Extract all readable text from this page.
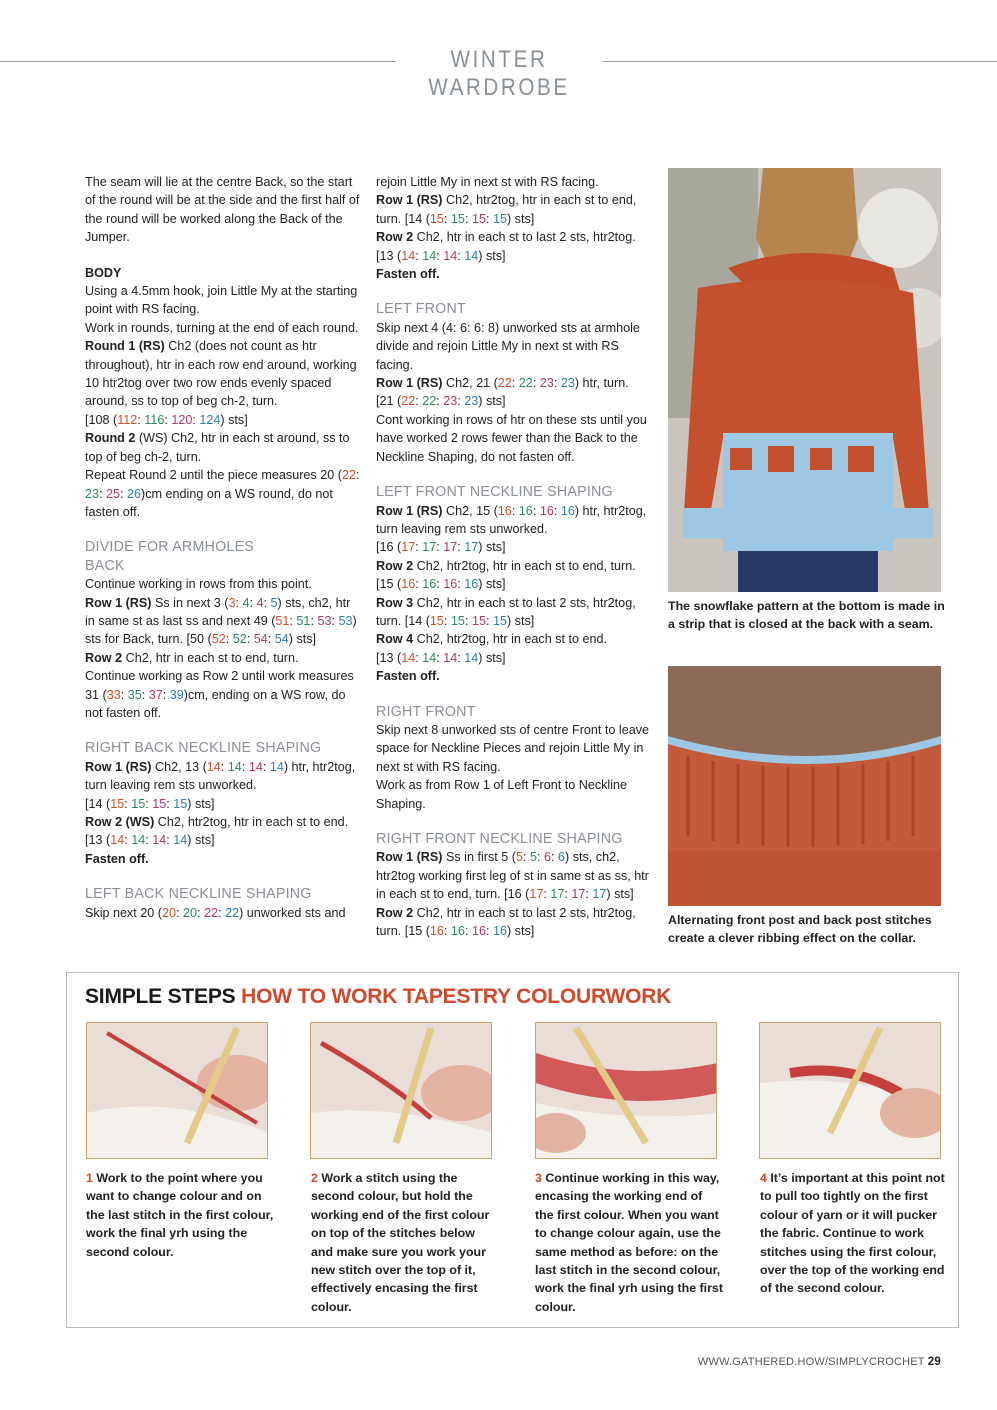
WINTER WARDROBE

The seam will lie at the centre Back, so the start of the round will be at the side and the first half of the round will be worked along the Back of the Jumper.

BODY

Using a 4.5mm hook, join Little My at the starting point with RS facing.

Work in rounds, turning at the end of each round.

Round 1 (RS) Ch2 (does not count as htr throughout), htr in each row end around, working 10 htr2tog over two row ends evenly spaced around, ss to top of beg ch-2, turn.
[108 (112: 116: 120: 124) sts]

Round 2 (WS) Ch2, htr in each st around, ss to top of beg ch-2, turn.

Repeat Round 2 until the piece measures 20 (22: 23: 25: 26)cm ending on a WS round, do not fasten off.

DIVIDE FOR ARMHOLES

BACK

Continue working in rows from this point.

Row 1 (RS) Ss in next 3 (3: 4: 4: 5) sts, ch2, htr in same st as last ss and next 49 (51: 51: 53: 53) sts for Back, turn. [50 (52: 52: 54: 54) sts]

Row 2 Ch2, htr in each st to end, turn.

Continue working as Row 2 until work measures 31 (33: 35: 37: 39)cm, ending on a WS row, do not fasten off.

RIGHT BACK NECKLINE SHAPING

Row 1 (RS) Ch2, 13 (14: 14: 14: 14) htr, htr2tog, turn leaving rem sts unworked.
[14 (15: 15: 15: 15) sts]

Row 2 (WS) Ch2, htr2tog, htr in each st to end.
[13 (14: 14: 14: 14) sts]

Fasten off.

LEFT BACK NECKLINE SHAPING

Skip next 20 (20: 20: 22: 22) unworked sts and

rejoin Little My in next st with RS facing.

Row 1 (RS) Ch2, htr2tog, htr in each st to end, turn. [14 (15: 15: 15: 15) sts]

Row 2 Ch2, htr in each st to last 2 sts, htr2tog. [13 (14: 14: 14: 14) sts]

Fasten off.

LEFT FRONT

Skip next 4 (4: 6: 6: 8) unworked sts at armhole divide and rejoin Little My in next st with RS facing.

Row 1 (RS) Ch2, 21 (22: 22: 23: 23) htr, turn.
[21 (22: 22: 23: 23) sts]

Cont working in rows of htr on these sts until you have worked 2 rows fewer than the Back to the Neckline Shaping, do not fasten off.

LEFT FRONT NECKLINE SHAPING

Row 1 (RS) Ch2, 15 (16: 16: 16: 16) htr, htr2tog, turn leaving rem sts unworked.
[16 (17: 17: 17: 17) sts]

Row 2 Ch2, htr2tog, htr in each st to end, turn.
[15 (16: 16: 16: 16) sts]

Row 3 Ch2, htr in each st to last 2 sts, htr2tog, turn. [14 (15: 15: 15: 15) sts]

Row 4 Ch2, htr2tog, htr in each st to end.
[13 (14: 14: 14: 14) sts]

Fasten off.

RIGHT FRONT

Skip next 8 unworked sts of centre Front to leave space for Neckline Pieces and rejoin Little My in next st with RS facing.

Work as from Row 1 of Left Front to Neckline Shaping.

RIGHT FRONT NECKLINE SHAPING

Row 1 (RS) Ss in first 5 (5: 5: 6: 6) sts, ch2, htr2tog working first leg of st in same st as ss, htr in each st to end, turn. [16 (17: 17: 17: 17) sts]

Row 2 Ch2, htr in each st to last 2 sts, htr2tog, turn. [15 (16: 16: 16: 16) sts]

The snowflake pattern at the bottom is made in a strip that is closed at the back with a seam.
Alternating front post and back post stitches create a clever ribbing effect on the collar.
SIMPLE STEPS HOW TO WORK TAPESTRY COLOURWORK
1 Work to the point where you want to change colour and on the last stitch in the first colour, work the final yrh using the second colour.
2 Work a stitch using the second colour, but hold the working end of the first colour on top of the stitches below and make sure you work your new stitch over the top of it, effectively encasing the first colour.
3 Continue working in this way, encasing the working end of the first colour. When you want to change colour again, use the same method as before: on the last stitch in the second colour, work the final yrh using the first colour.
4 It’s important at this point not to pull too tightly on the first colour of yarn or it will pucker the fabric. Continue to work stitches using the first colour, over the top of the working end of the second colour.
WWW.GATHERED.HOW/SIMPLYCROCHET 29
